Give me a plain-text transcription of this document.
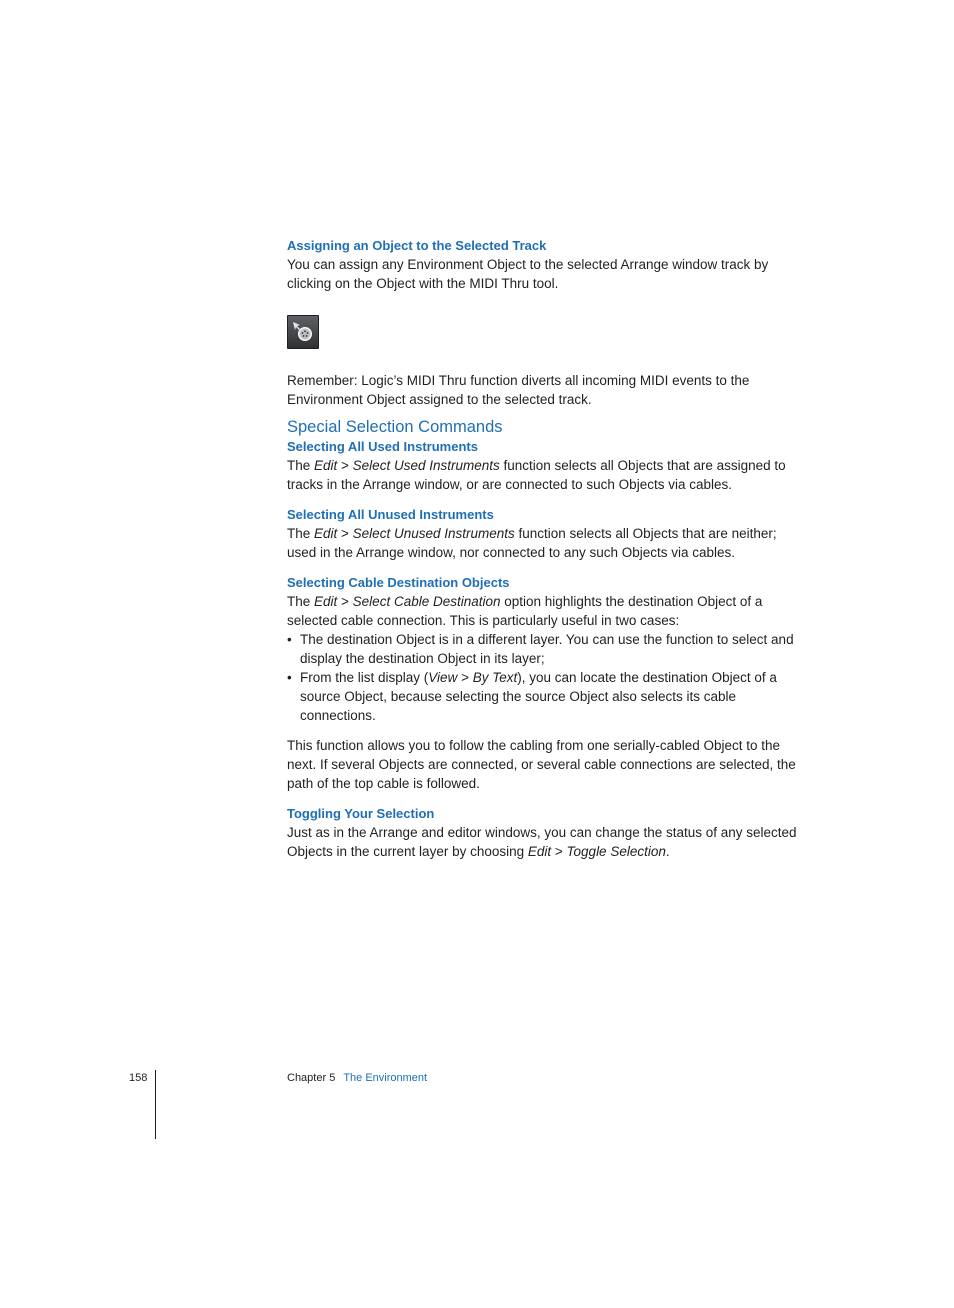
Assigning an Object to the Selected Track

You can assign any Environment Object to the selected Arrange window track by clicking on the Object with the MIDI Thru tool.

Remember: Logic’s MIDI Thru function diverts all incoming MIDI events to the Environment Object assigned to the selected track.

Special Selection Commands
Selecting All Used Instruments

The Edit > Select Used Instruments function selects all Objects that are assigned to tracks in the Arrange window, or are connected to such Objects via cables.

Selecting All Unused Instruments

The Edit > Select Unused Instruments function selects all Objects that are neither; used in the Arrange window, nor connected to any such Objects via cables.

Selecting Cable Destination Objects

The Edit > Select Cable Destination option highlights the destination Object of a selected cable connection. This is particularly useful in two cases:

• The destination Object is in a different layer. You can use the function to select and display the destination Object in its layer;
• From the list display (View > By Text), you can locate the destination Object of a source Object, because selecting the source Object also selects its cable connections.

This function allows you to follow the cabling from one serially-cabled Object to the next. If several Objects are connected, or several cable connections are selected, the path of the top cable is followed.

Toggling Your Selection

Just as in the Arrange and editor windows, you can change the status of any selected Objects in the current layer by choosing Edit > Toggle Selection.

158	Chapter 5 The Environment
